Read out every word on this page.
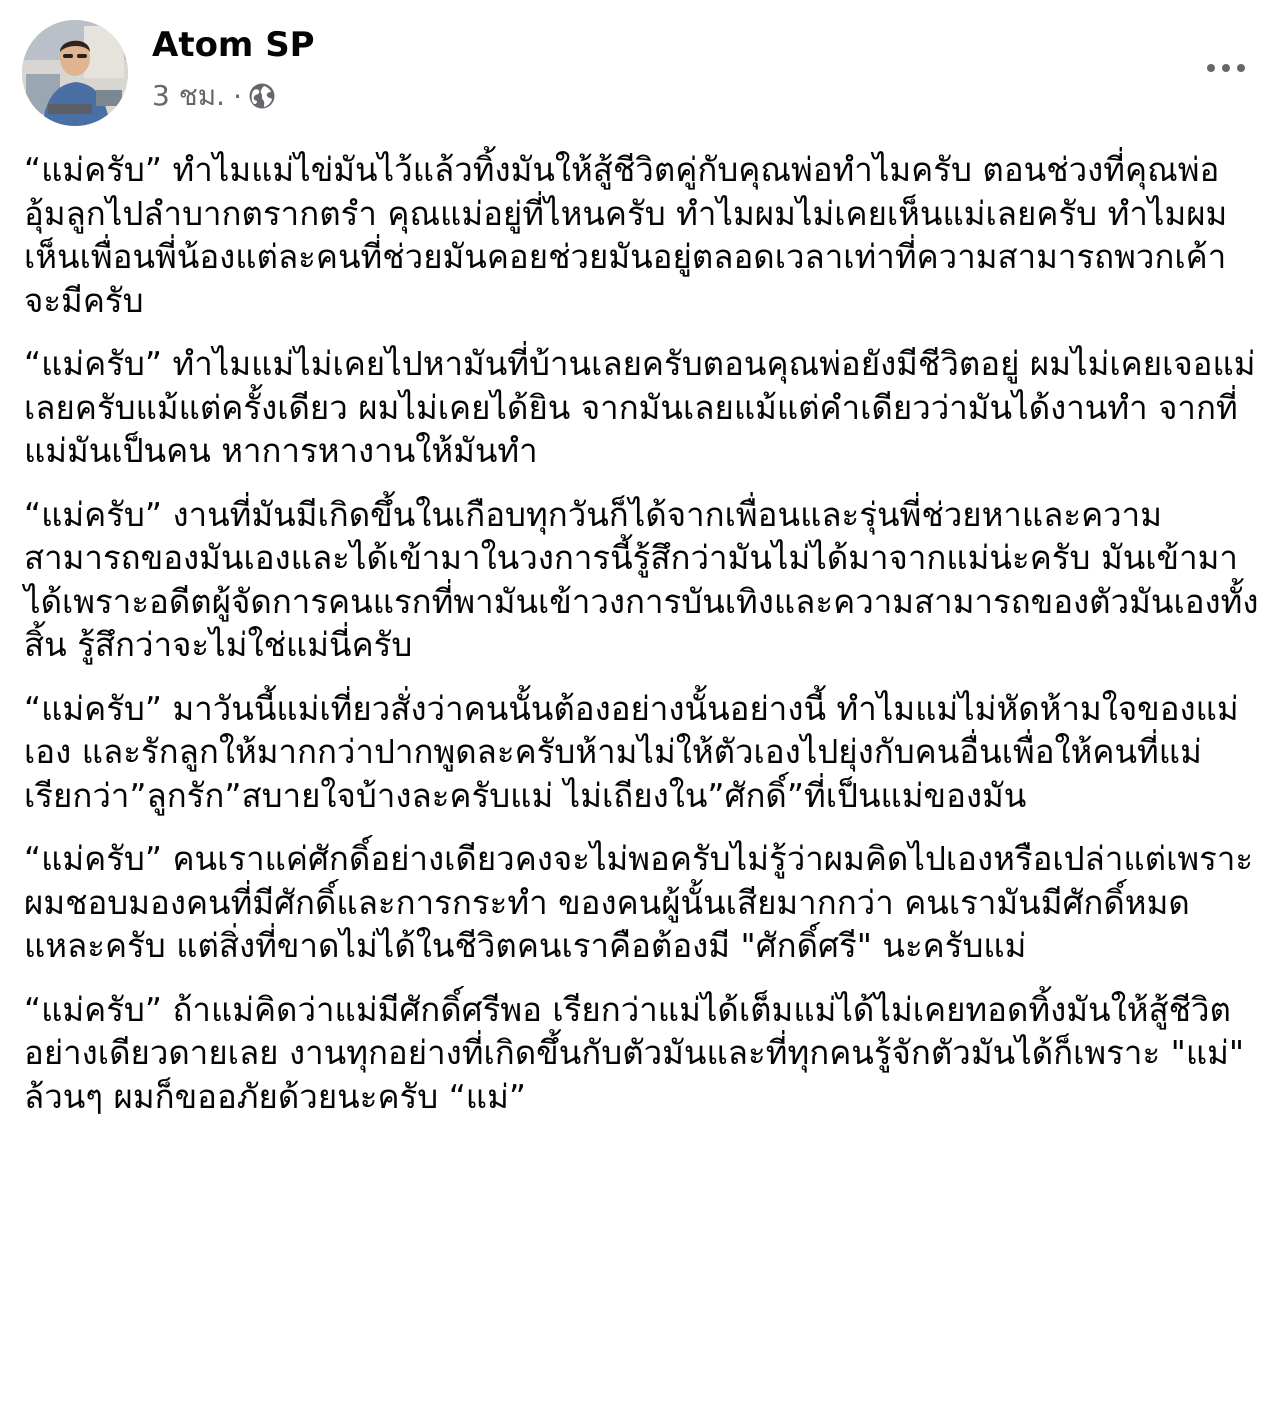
Atom SP
3 ชม. ·

“แม่ครับ” ทำไมแม่ไข่มันไว้แล้วทิ้งมันให้สู้ชีวิตคู่กับคุณพ่อทำไมครับ ตอนช่วงที่คุณพ่ออุ้มลูกไปลำบากตรากตรำ คุณแม่อยู่ที่ไหนครับ ทำไมผมไม่เคยเห็นแม่เลยครับ ทำไมผมเห็นเพื่อนพี่น้องแต่ละคนที่ช่วยมันคอยช่วยมันอยู่ตลอดเวลาเท่าที่ความสามารถพวกเค้าจะมีครับ

“แม่ครับ” ทำไมแม่ไม่เคยไปหามันที่บ้านเลยครับตอนคุณพ่อยังมีชีวิตอยู่ ผมไม่เคยเจอแม่เลยครับแม้แต่ครั้งเดียว ผมไม่เคยได้ยิน จากมันเลยแม้แต่คำเดียวว่ามันได้งานทำ จากที่แม่มันเป็นคน หาการหางานให้มันทำ

“แม่ครับ” งานที่มันมีเกิดขึ้นในเกือบทุกวันก็ได้จากเพื่อนและรุ่นพี่ช่วยหาและความสามารถของมันเองและได้เข้ามาในวงการนี้รู้สึกว่ามันไม่ได้มาจากแม่น่ะครับ มันเข้ามาได้เพราะอดีตผู้จัดการคนแรกที่พามันเข้าวงการบันเทิงและความสามารถของตัวมันเองทั้งสิ้น รู้สึกว่าจะไม่ใช่แม่นี่ครับ

“แม่ครับ” มาวันนี้แม่เที่ยวสั่งว่าคนนั้นต้องอย่างนั้นอย่างนี้ ทำไมแม่ไม่หัดห้ามใจของแม่เอง และรักลูกให้มากกว่าปากพูดละครับห้ามไม่ให้ตัวเองไปยุ่งกับคนอื่นเพื่อให้คนที่แม่เรียกว่า”ลูกรัก”สบายใจบ้างละครับแม่ ไม่เถียงใน”ศักดิ์”ที่เป็นแม่ของมัน

“แม่ครับ” คนเราแค่ศักดิ์อย่างเดียวคงจะไม่พอครับไม่รู้ว่าผมคิดไปเองหรือเปล่าแต่เพราะผมชอบมองคนที่มีศักดิ์และการกระทำ ของคนผู้นั้นเสียมากกว่า คนเรามันมีศักดิ์หมดแหละครับ แต่สิ่งที่ขาดไม่ได้ในชีวิตคนเราคือต้องมี "ศักดิ์ศรี" นะครับแม่

“แม่ครับ” ถ้าแม่คิดว่าแม่มีศักดิ์ศรีพอ เรียกว่าแม่ได้เต็มแม่ได้ไม่เคยทอดทิ้งมันให้สู้ชีวิตอย่างเดียวดายเลย งานทุกอย่างที่เกิดขึ้นกับตัวมันและที่ทุกคนรู้จักตัวมันได้ก็เพราะ "แม่" ล้วนๆ ผมก็ขออภัยด้วยนะครับ “แม่”
